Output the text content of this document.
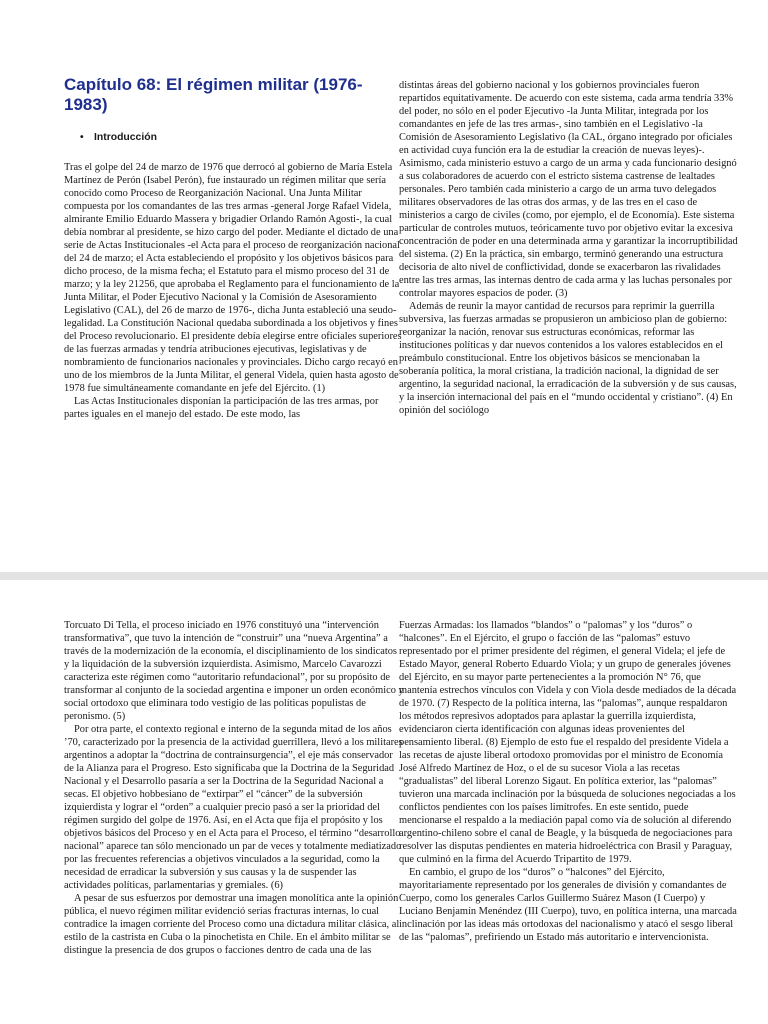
Capítulo 68: El régimen militar (1976-1983)
• Introducción

Tras el golpe del 24 de marzo de 1976 que derrocó al gobierno de María Estela Martínez de Perón (Isabel Perón), fue instaurado un régimen militar que sería conocido como Proceso de Reorganización Nacional. Una Junta Militar compuesta por los comandantes de las tres armas -general Jorge Rafael Videla, almirante Emilio Eduardo Massera y brigadier Orlando Ramón Agosti-, la cual debía nombrar al presidente, se hizo cargo del poder. Mediante el dictado de una serie de Actas Institucionales -el Acta para el proceso de reorganización nacional del 24 de marzo; el Acta estableciendo el propósito y los objetivos básicos para dicho proceso, de la misma fecha; el Estatuto para el mismo proceso del 31 de marzo; y la ley 21256, que aprobaba el Reglamento para el funcionamiento de la Junta Militar, el Poder Ejecutivo Nacional y la Comisión de Asesoramiento Legislativo (CAL), del 26 de marzo de 1976-, dicha Junta estableció una seudo-legalidad. La Constitución Nacional quedaba subordinada a los objetivos y fines del Proceso revolucionario. El presidente debía elegirse entre oficiales superiores de las fuerzas armadas y tendría atribuciones ejecutivas, legislativas y de nombramiento de funcionarios nacionales y provinciales. Dicho cargo recayó en uno de los miembros de la Junta Militar, el general Videla, quien hasta agosto de 1978 fue simultáneamente comandante en jefe del Ejército. (1)

Las Actas Institucionales disponían la participación de las tres armas, por partes iguales en el manejo del estado. De este modo, las

distintas áreas del gobierno nacional y los gobiernos provinciales fueron repartidos equitativamente. De acuerdo con este sistema, cada arma tendría 33% del poder, no sólo en el poder Ejecutivo -la Junta Militar, integrada por los comandantes en jefe de las tres armas-, sino también en el Legislativo -la Comisión de Asesoramiento Legislativo (la CAL, órgano integrado por oficiales en actividad cuya función era la de estudiar la creación de nuevas leyes)-. Asimismo, cada ministerio estuvo a cargo de un arma y cada funcionario designó a sus colaboradores de acuerdo con el estricto sistema castrense de lealtades personales. Pero también cada ministerio a cargo de un arma tuvo delegados militares observadores de las otras dos armas, y de las tres en el caso de ministerios a cargo de civiles (como, por ejemplo, el de Economía). Este sistema particular de controles mutuos, teóricamente tuvo por objetivo evitar la excesiva concentración de poder en una determinada arma y garantizar la incorruptibilidad del sistema. (2) En la práctica, sin embargo, terminó generando una estructura decisoria de alto nivel de conflictividad, donde se exacerbaron las rivalidades entre las tres armas, las internas dentro de cada arma y las luchas personales por controlar mayores espacios de poder. (3)

Además de reunir la mayor cantidad de recursos para reprimir la guerrilla subversiva, las fuerzas armadas se propusieron un ambicioso plan de gobierno: reorganizar la nación, renovar sus estructuras económicas, reformar las instituciones políticas y dar nuevos contenidos a los valores establecidos en el preámbulo constitucional. Entre los objetivos básicos se mencionaban la soberanía política, la moral cristiana, la tradición nacional, la dignidad de ser argentino, la seguridad nacional, la erradicación de la subversión y de sus causas, y la inserción internacional del país en el “mundo occidental y cristiano”. (4) En opinión del sociólogo

Torcuato Di Tella, el proceso iniciado en 1976 constituyó una “intervención transformativa”, que tuvo la intención de “construir” una “nueva Argentina” a través de la modernización de la economía, el disciplinamiento de los sindicatos y la liquidación de la subversión izquierdista. Asimismo, Marcelo Cavarozzi caracteriza este régimen como “autoritario refundacional”, por su propósito de transformar al conjunto de la sociedad argentina e imponer un orden económico y social ortodoxo que eliminara todo vestigio de las políticas populistas de peronismo. (5)

Por otra parte, el contexto regional e interno de la segunda mitad de los años ’70, caracterizado por la presencia de la actividad guerrillera, llevó a los militares argentinos a adoptar la “doctrina de contrainsurgencia”, el eje más conservador de la Alianza para el Progreso. Esto significaba que la Doctrina de la Seguridad Nacional y el Desarrollo pasaría a ser la Doctrina de la Seguridad Nacional a secas. El objetivo hobbesiano de “extirpar” el “cáncer” de la subversión izquierdista y lograr el “orden” a cualquier precio pasó a ser la prioridad del régimen surgido del golpe de 1976. Así, en el Acta que fija el propósito y los objetivos básicos del Proceso y en el Acta para el Proceso, el término “desarrollo nacional” aparece tan sólo mencionado un par de veces y totalmente mediatizado por las frecuentes referencias a objetivos vinculados a la seguridad, como la necesidad de erradicar la subversión y sus causas y la de suspender las actividades políticas, parlamentarias y gremiales. (6)

A pesar de sus esfuerzos por demostrar una imagen monolítica ante la opinión pública, el nuevo régimen militar evidenció serias fracturas internas, lo cual contradice la imagen corriente del Proceso como una dictadura militar clásica, al estilo de la castrista en Cuba o la pinochetista en Chile. En el ámbito militar se distingue la presencia de dos grupos o facciones dentro de cada una de las

Fuerzas Armadas: los llamados “blandos” o “palomas” y los “duros” o “halcones”. En el Ejército, el grupo o facción de las “palomas” estuvo representado por el primer presidente del régimen, el general Videla; el jefe de Estado Mayor, general Roberto Eduardo Viola; y un grupo de generales jóvenes del Ejército, en su mayor parte pertenecientes a la promoción N° 76, que mantenía estrechos vínculos con Videla y con Viola desde mediados de la década de 1970. (7) Respecto de la política interna, las “palomas”, aunque respaldaron los métodos represivos adoptados para aplastar la guerrilla izquierdista, evidenciaron cierta identificación con algunas ideas provenientes del pensamiento liberal. (8) Ejemplo de esto fue el respaldo del presidente Videla a las recetas de ajuste liberal ortodoxo promovidas por el ministro de Economía José Alfredo Martínez de Hoz, o el de su sucesor Viola a las recetas “gradualistas” del liberal Lorenzo Sigaut. En política exterior, las “palomas” tuvieron una marcada inclinación por la búsqueda de soluciones negociadas a los conflictos pendientes con los países limítrofes. En este sentido, puede mencionarse el respaldo a la mediación papal como vía de solución al diferendo argentino-chileno sobre el canal de Beagle, y la búsqueda de negociaciones para resolver las disputas pendientes en materia hidroeléctrica con Brasil y Paraguay, que culminó en la firma del Acuerdo Tripartito de 1979.

En cambio, el grupo de los “duros” o “halcones” del Ejército, mayoritariamente representado por los generales de división y comandantes de Cuerpo, como los generales Carlos Guillermo Suárez Mason (I Cuerpo) y Luciano Benjamín Menéndez (III Cuerpo), tuvo, en política interna, una marcada inclinación por las ideas más ortodoxas del nacionalismo y atacó el sesgo liberal de las “palomas”, prefiriendo un Estado más autoritario e intervencionista.
